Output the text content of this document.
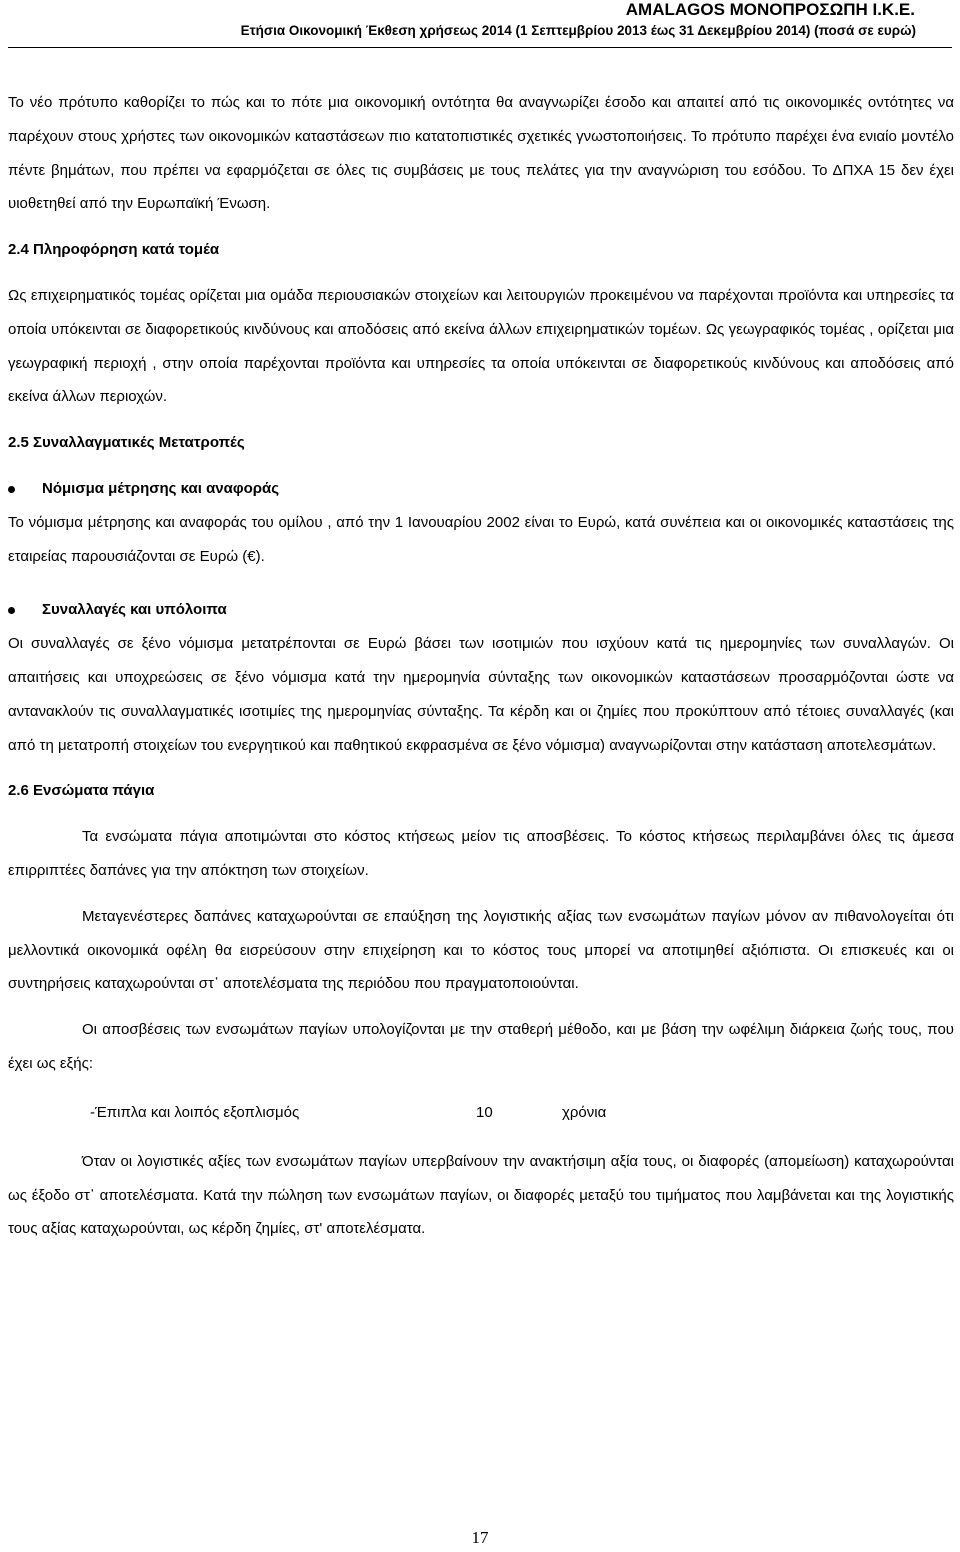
AMALAGOS ΜΟΝΟΠΡΟΣΩΠΗ Ι.Κ.Ε.
Ετήσια Οικονομική Έκθεση χρήσεως 2014 (1 Σεπτεμβρίου 2013 έως 31 Δεκεμβρίου 2014) (ποσά σε ευρώ)

Το νέο πρότυπο καθορίζει το πώς και το πότε μια οικονομική οντότητα θα αναγνωρίζει έσοδο και απαιτεί από τις οικονομικές οντότητες να παρέχουν στους χρήστες των οικονομικών καταστάσεων πιο κατατοπιστικές σχετικές γνωστοποιήσεις. Το πρότυπο παρέχει ένα ενιαίο μοντέλο πέντε βημάτων, που πρέπει να εφαρμόζεται σε όλες τις συμβάσεις με τους πελάτες για την αναγνώριση του εσόδου. Το ΔΠΧΑ 15 δεν έχει υιοθετηθεί από την Ευρωπαϊκή Ένωση.

2.4 Πληροφόρηση κατά τομέα

Ως επιχειρηματικός τομέας ορίζεται μια ομάδα περιουσιακών στοιχείων και λειτουργιών προκειμένου να παρέχονται προϊόντα και υπηρεσίες τα οποία υπόκεινται σε διαφορετικούς κινδύνους και αποδόσεις από εκείνα άλλων επιχειρηματικών τομέων. Ως γεωγραφικός τομέας , ορίζεται μια γεωγραφική περιοχή , στην οποία παρέχονται προϊόντα και υπηρεσίες τα οποία υπόκεινται σε διαφορετικούς κινδύνους και αποδόσεις από εκείνα άλλων περιοχών.

2.5 Συναλλαγματικές Μετατροπές

Νόμισμα μέτρησης και αναφοράς

Το νόμισμα μέτρησης και αναφοράς του ομίλου , από την 1 Ιανουαρίου 2002 είναι το Ευρώ, κατά συνέπεια και οι οικονομικές καταστάσεις της εταιρείας παρουσιάζονται σε Ευρώ (€).

Συναλλαγές και υπόλοιπα

Οι συναλλαγές σε ξένο νόμισμα μετατρέπονται σε Ευρώ βάσει των ισοτιμιών που ισχύουν κατά τις ημερομηνίες των συναλλαγών. Οι απαιτήσεις και υποχρεώσεις σε ξένο νόμισμα κατά την ημερομηνία σύνταξης των οικονομικών καταστάσεων προσαρμόζονται ώστε να αντανακλούν τις συναλλαγματικές ισοτιμίες της ημερομηνίας σύνταξης. Τα κέρδη και οι ζημίες που προκύπτουν από τέτοιες συναλλαγές (και από τη μετατροπή στοιχείων του ενεργητικού και παθητικού εκφρασμένα σε ξένο νόμισμα) αναγνωρίζονται στην κατάσταση αποτελεσμάτων.

2.6 Ενσώματα πάγια

Τα ενσώματα πάγια αποτιμώνται στο κόστος κτήσεως μείον τις αποσβέσεις. Το κόστος κτήσεως περιλαμβάνει όλες τις άμεσα επιρριπτέες δαπάνες για την απόκτηση των στοιχείων.

Μεταγενέστερες δαπάνες καταχωρούνται σε επαύξηση της λογιστικής αξίας των ενσωμάτων παγίων μόνον αν πιθανολογείται ότι μελλοντικά οικονομικά οφέλη θα εισρεύσουν στην επιχείρηση και το κόστος τους μπορεί να αποτιμηθεί αξιόπιστα. Οι επισκευές και οι συντηρήσεις καταχωρούνται στ᾽ αποτελέσματα της περιόδου που πραγματοποιούνται.

Οι αποσβέσεις των ενσωμάτων παγίων υπολογίζονται με την σταθερή μέθοδο, και με βάση την ωφέλιμη διάρκεια ζωής τους, που έχει ως εξής:

-Έπιπλα και λοιπός εξοπλισμός	10	χρόνια

Όταν οι λογιστικές αξίες των ενσωμάτων παγίων υπερβαίνουν την ανακτήσιμη αξία τους, οι διαφορές (απομείωση) καταχωρούνται ως έξοδο στ᾽ αποτελέσματα. Κατά την πώληση των ενσωμάτων παγίων, οι διαφορές μεταξύ του τιμήματος που λαμβάνεται και της λογιστικής τους αξίας καταχωρούνται, ως κέρδη ζημίες, στ' αποτελέσματα.

17
